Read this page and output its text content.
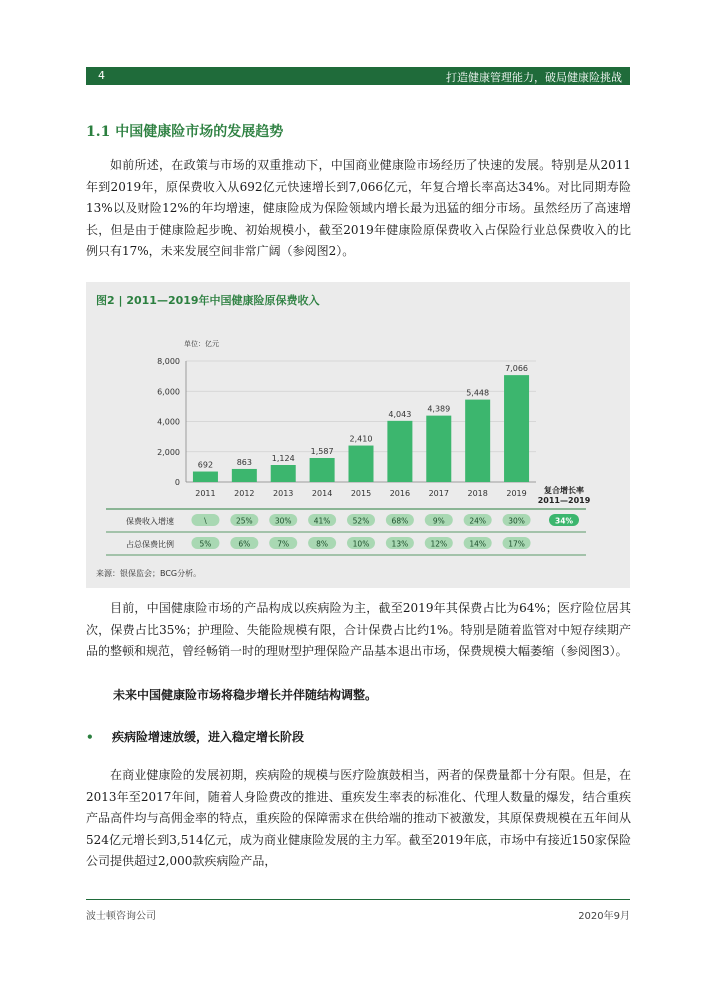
4	打造健康管理能力，破局健康险挑战
1.1 中国健康险市场的发展趋势

如前所述，在政策与市场的双重推动下，中国商业健康险市场经历了快速的发展。特别是从2011年到2019年，原保费收入从692亿元快速增长到7,066亿元，年复合增长率高达34%。对比同期寿险13%以及财险12%的年均增速，健康险成为保险领域内增长最为迅猛的细分市场。虽然经历了高速增长，但是由于健康险起步晚、初始规模小，截至2019年健康险原保费收入占保险行业总保费收入的比例只有17%，未来发展空间非常广阔（参阅图2）。

图2 | 2011—2019年中国健康险原保费收入
单位：亿元
0
2,000
4,000
6,000
8,000
692
2011
863
2012
1,124
2013
1,587
2014
2,410
2015
4,043
2016
4,389
2017
5,448
2018
7,066
2019 复合增长率
2011—2019
保费收入增速	\	25%	30%	41%	52%	68%	9%	24%	30%	34%
占总保费比例	5%	6%	7%	8%	10%	13%	12%	14%	17%
来源：银保监会；BCG分析。

目前，中国健康险市场的产品构成以疾病险为主，截至2019年其保费占比为64%；医疗险位居其次，保费占比35%；护理险、失能险规模有限，合计保费占比约1%。特别是随着监管对中短存续期产品的整顿和规范，曾经畅销一时的理财型护理保险产品基本退出市场，保费规模大幅萎缩（参阅图3）。

未来中国健康险市场将稳步增长并伴随结构调整。

• 疾病险增速放缓，进入稳定增长阶段

在商业健康险的发展初期，疾病险的规模与医疗险旗鼓相当，两者的保费量都十分有限。但是，在2013年至2017年间，随着人身险费改的推进、重疾发生率表的标准化、代理人数量的爆发，结合重疾产品高件均与高佣金率的特点，重疾险的保障需求在供给端的推动下被激发，其原保费规模在五年间从524亿元增长到3,514亿元，成为商业健康险发展的主力军。截至2019年底，市场中有接近150家保险公司提供超过2,000款疾病险产品，

波士顿咨询公司	2020年9月
